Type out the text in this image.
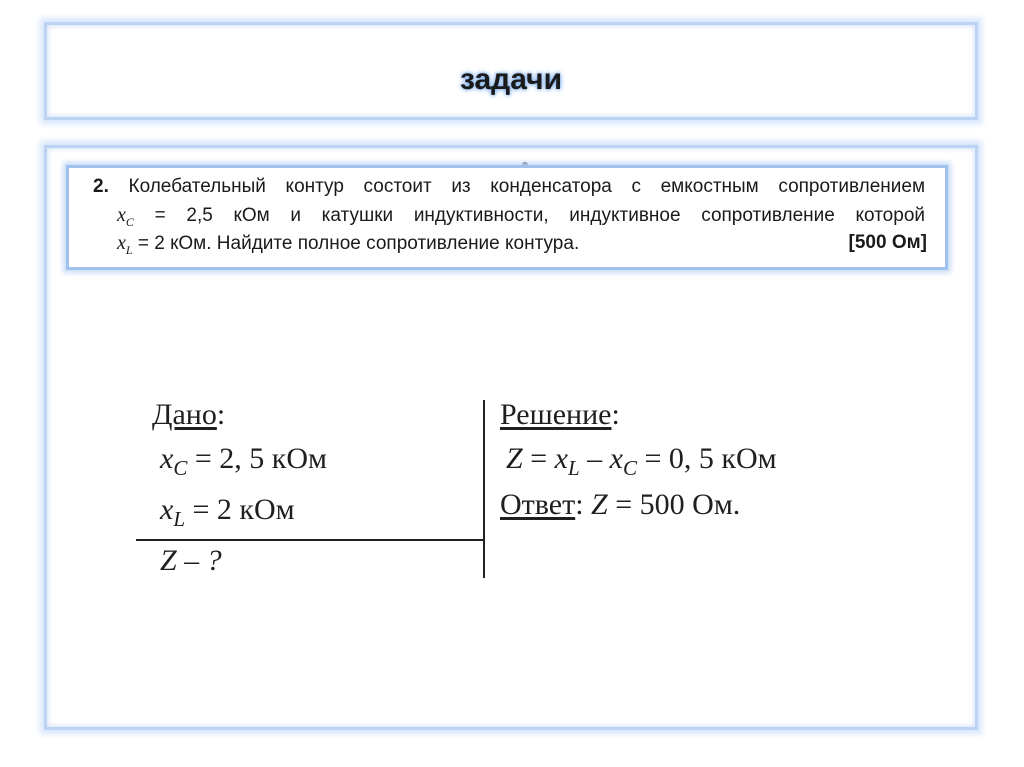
задачи
2. Колебательный контур состоит из конденсатора с емкостным сопротивлением
$x_C = 2,5$ кОм и катушки индуктивности, индуктивное сопротивление которой
$x_L = 2$ кОм. Найдите полное сопротивление контура.	[500 Ом]
Дано:
$x_C = 2$, 5 кОм
$x_L = 2$ кОм
Z – ?
Решение:
$Z = x_L - x_C = 0$, 5 кОм
Ответ: Z = 500 Ом.
